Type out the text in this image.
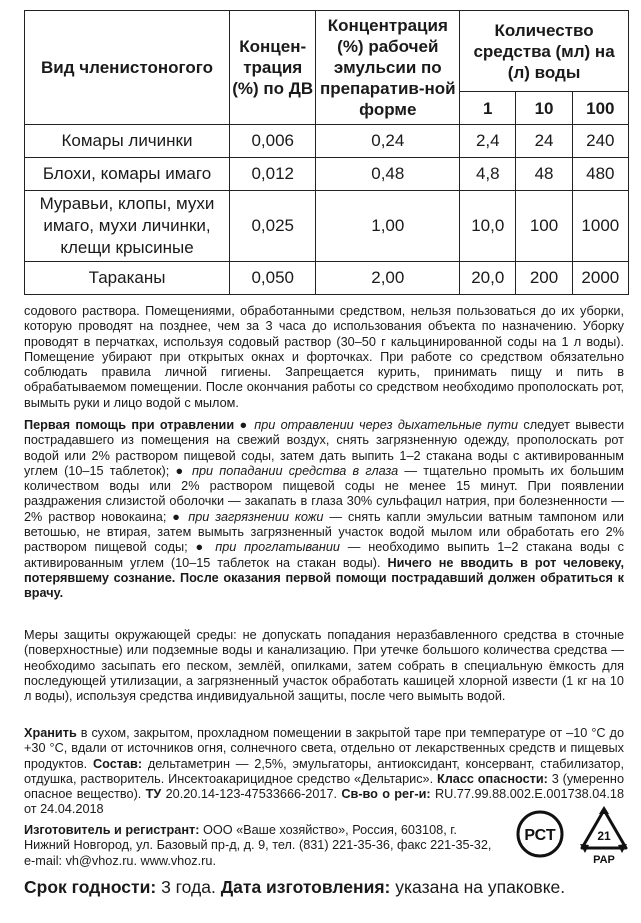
Вид членистоногого	Концен-трация (%) по ДВ	Концентрация (%) рабочей эмульсии по препаратив-ной форме	Количество средства (мл) на (л) воды		
			1	10	100
Комары личинки	0,006	0,24	2,4	24	240
Блохи, комары имаго	0,012	0,48	4,8	48	480
Муравьи, клопы, мухи имаго, мухи личинки, клещи крысиные	0,025	1,00	10,0	100	1000
Тараканы	0,050	2,00	20,0	200	2000
содового раствора. Помещениями, обработанными средством, нельзя пользоваться до их уборки, которую проводят на позднее, чем за 3 часа до использования объекта по назначению. Уборку проводят в перчатках, используя содовый раствор (30–50 г кальцинированной соды на 1 л воды). Помещение убирают при открытых окнах и форточках. При работе со средством обязательно соблюдать правила личной гигиены. Запрещается курить, принимать пищу и пить в обрабатываемом помещении. После окончания работы со средством необходимо прополоскать рот, вымыть руки и лицо водой с мылом.
Первая помощь при отравлении ● при отравлении через дыхательные пути следует вывести пострадавшего из помещения на свежий воздух, снять загрязненную одежду, прополоскать рот водой или 2% раствором пищевой соды, затем дать выпить 1–2 стакана воды с активированным углем (10–15 таблеток); ● при попадании средства в глаза — тщательно промыть их большим количеством воды или 2% раствором пищевой соды не менее 15 минут. При появлении раздражения слизистой оболочки — закапать в глаза 30% сульфацил натрия, при болезненности — 2% раствор новокаина; ● при загрязнении кожи — снять капли эмульсии ватным тампоном или ветошью, не втирая, затем вымыть загрязненный участок водой мылом или обработать его 2% раствором пищевой соды; ● при проглатывании — необходимо выпить 1–2 стакана воды с активированным углем (10–15 таблеток на стакан воды). Ничего не вводить в рот человеку, потерявшему сознание. После оказания первой помощи пострадавший должен обратиться к врачу.
Меры защиты окружающей среды: не допускать попадания неразбавленного средства в сточные (поверхностные) или подземные воды и канализацию. При утечке большого количества средства — необходимо засыпать его песком, землёй, опилками, затем собрать в специальную ёмкость для последующей утилизации, а загрязненный участок обработать кашицей хлорной извести (1 кг на 10 л воды), используя средства индивидуальной защиты, после чего вымыть водой.
Хранить в сухом, закрытом, прохладном помещении в закрытой таре при температуре от –10 °С до +30 °С, вдали от источников огня, солнечного света, отдельно от лекарственных средств и пищевых продуктов. Состав: дельтаметрин — 2,5%, эмульгаторы, антиоксидант, консервант, стабилизатор, отдушка, растворитель. Инсектоакарицидное средство «Дельтарис». Класс опасности: 3 (умеренно опасное вещество). ТУ 20.20.14-123-47533666-2017. Св-во о рег-и: RU.77.99.88.002.Е.001738.04.18 от 24.04.2018
Изготовитель и регистрант: ООО «Ваше хозяйство», Россия, 603108, г. Нижний Новгород, ул. Базовый пр-д, д. 9, тел. (831) 221-35-36, факс 221-35-32, e-mail: vh@vhoz.ru. www.vhoz.ru.
РСТ	21
PAP
Срок годности: 3 года. Дата изготовления: указана на упаковке.
